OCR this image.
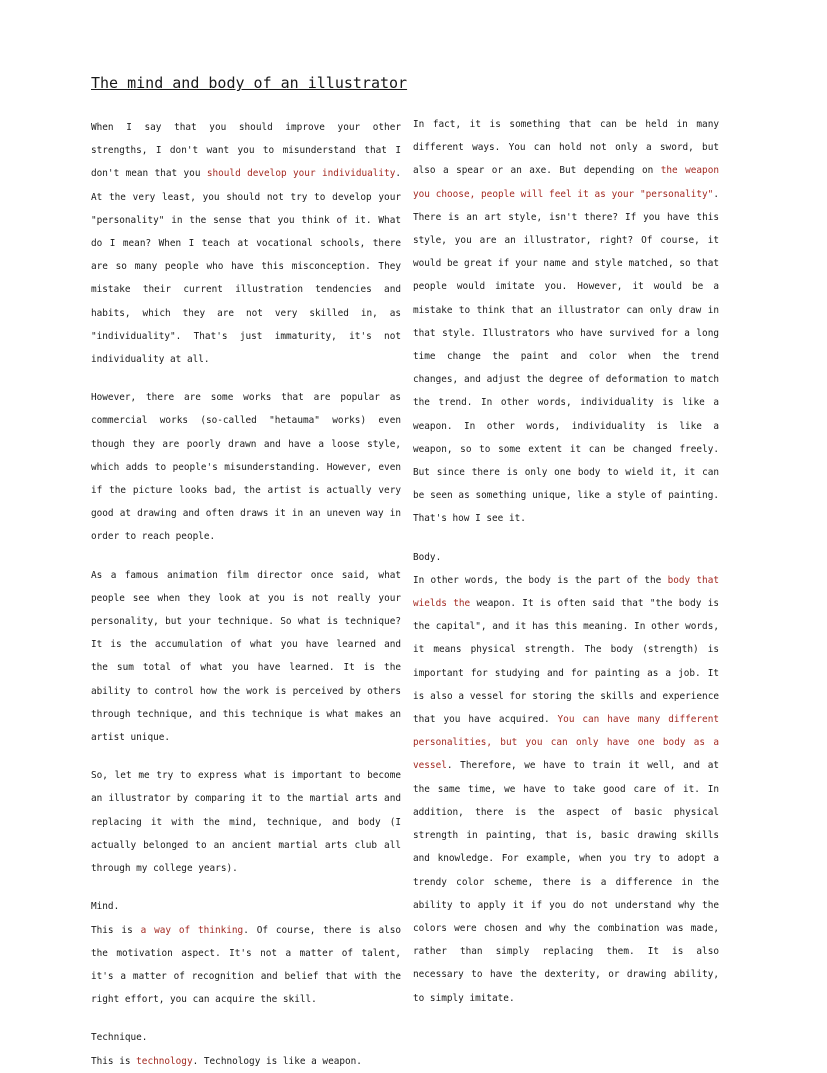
The mind and body of an illustrator

When I say that you should improve your other strengths, I don't want you to misunderstand that I don't mean that you should develop your individuality. At the very least, you should not try to develop your "personality" in the sense that you think of it. What do I mean? When I teach at vocational schools, there are so many people who have this misconception. They mistake their current illustration tendencies and habits, which they are not very skilled in, as "individuality". That's just immaturity, it's not individuality at all.

However, there are some works that are popular as commercial works (so-called "hetauma" works) even though they are poorly drawn and have a loose style, which adds to people's misunderstanding. However, even if the picture looks bad, the artist is actually very good at drawing and often draws it in an uneven way in order to reach people.

As a famous animation film director once said, what people see when they look at you is not really your personality, but your technique. So what is technique? It is the accumulation of what you have learned and the sum total of what you have learned. It is the ability to control how the work is perceived by others through technique, and this technique is what makes an artist unique.

So, let me try to express what is important to become an illustrator by comparing it to the martial arts and replacing it with the mind, technique, and body (I actually belonged to an ancient martial arts club all through my college years).

Mind.

This is a way of thinking. Of course, there is also the motivation aspect. It's not a matter of talent, it's a matter of recognition and belief that with the right effort, you can acquire the skill.

Technique.

This is technology. Technology is like a weapon.

In fact, it is something that can be held in many different ways. You can hold not only a sword, but also a spear or an axe. But depending on the weapon you choose, people will feel it as your "personality". There is an art style, isn't there? If you have this style, you are an illustrator, right? Of course, it would be great if your name and style matched, so that people would imitate you. However, it would be a mistake to think that an illustrator can only draw in that style. Illustrators who have survived for a long time change the paint and color when the trend changes, and adjust the degree of deformation to match the trend. In other words, individuality is like a weapon. In other words, individuality is like a weapon, so to some extent it can be changed freely. But since there is only one body to wield it, it can be seen as something unique, like a style of painting. That's how I see it.

Body.

In other words, the body is the part of the body that wields the weapon. It is often said that "the body is the capital", and it has this meaning. In other words, it means physical strength. The body (strength) is important for studying and for painting as a job. It is also a vessel for storing the skills and experience that you have acquired. You can have many different personalities, but you can only have one body as a vessel. Therefore, we have to train it well, and at the same time, we have to take good care of it. In addition, there is the aspect of basic physical strength in painting, that is, basic drawing skills and knowledge. For example, when you try to adopt a trendy color scheme, there is a difference in the ability to apply it if you do not understand why the colors were chosen and why the combination was made, rather than simply replacing them. It is also necessary to have the dexterity, or drawing ability, to simply imitate.
